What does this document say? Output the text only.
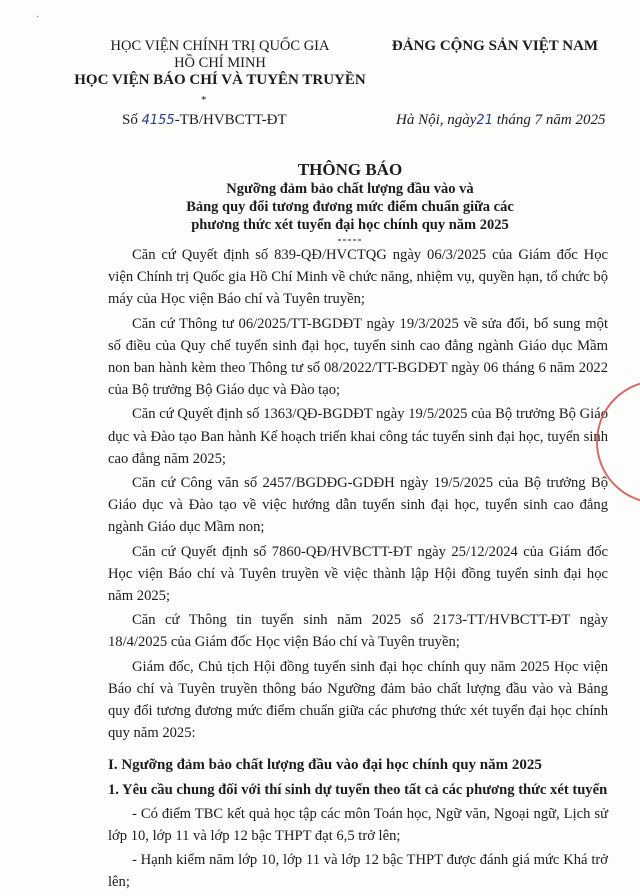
·
HỌC VIỆN CHÍNH TRỊ QUỐC GIA
HỒ CHÍ MINH
HỌC VIỆN BÁO CHÍ VÀ TUYÊN TRUYỀN
*
ĐẢNG CỘNG SẢN VIỆT NAM
Số 4155-TB/HVBCTT-ĐT	Hà Nội, ngày21 tháng 7 năm 2025
THÔNG BÁO
Ngưỡng đảm bảo chất lượng đầu vào và
Bảng quy đổi tương đương mức điểm chuẩn giữa các
phương thức xét tuyển đại học chính quy năm 2025
-----

Căn cứ Quyết định số 839-QĐ/HVCTQG ngày 06/3/2025 của Giám đốc Học viện Chính trị Quốc gia Hồ Chí Minh về chức năng, nhiệm vụ, quyền hạn, tổ chức bộ máy của Học viện Báo chí và Tuyên truyền;

Căn cứ Thông tư 06/2025/TT-BGDĐT ngày 19/3/2025 về sửa đổi, bổ sung một số điều của Quy chế tuyển sinh đại học, tuyển sinh cao đẳng ngành Giáo dục Mầm non ban hành kèm theo Thông tư số 08/2022/TT-BGDĐT ngày 06 tháng 6 năm 2022 của Bộ trưởng Bộ Giáo dục và Đào tạo;

Căn cứ Quyết định số 1363/QĐ-BGDĐT ngày 19/5/2025 của Bộ trưởng Bộ Giáo dục và Đào tạo Ban hành Kế hoạch triển khai công tác tuyển sinh đại học, tuyển sinh cao đẳng năm 2025;

Căn cứ Công văn số 2457/BGDĐG-GDĐH ngày 19/5/2025 của Bộ trưởng Bộ Giáo dục và Đào tạo về việc hướng dẫn tuyển sinh đại học, tuyển sinh cao đẳng ngành Giáo dục Mầm non;

Căn cứ Quyết định số 7860-QĐ/HVBCTT-ĐT ngày 25/12/2024 của Giám đốc Học viện Báo chí và Tuyên truyền về việc thành lập Hội đồng tuyển sinh đại học năm 2025;

Căn cứ Thông tin tuyển sinh năm 2025 số 2173-TT/HVBCTT-ĐT ngày 18/4/2025 của Giám đốc Học viện Báo chí và Tuyên truyền;

Giám đốc, Chủ tịch Hội đồng tuyển sinh đại học chính quy năm 2025 Học viện Báo chí và Tuyên truyền thông báo Ngưỡng đảm bảo chất lượng đầu vào và Bảng quy đổi tương đương mức điểm chuẩn giữa các phương thức xét tuyển đại học chính quy năm 2025:

I. Ngưỡng đảm bảo chất lượng đầu vào đại học chính quy năm 2025
1. Yêu cầu chung đối với thí sinh dự tuyển theo tất cả các phương thức xét tuyển

- Có điểm TBC kết quả học tập các môn Toán học, Ngữ văn, Ngoại ngữ, Lịch sử lớp 10, lớp 11 và lớp 12 bậc THPT đạt 6,5 trở lên;

- Hạnh kiểm năm lớp 10, lớp 11 và lớp 12 bậc THPT được đánh giá mức Khá trở lên;
